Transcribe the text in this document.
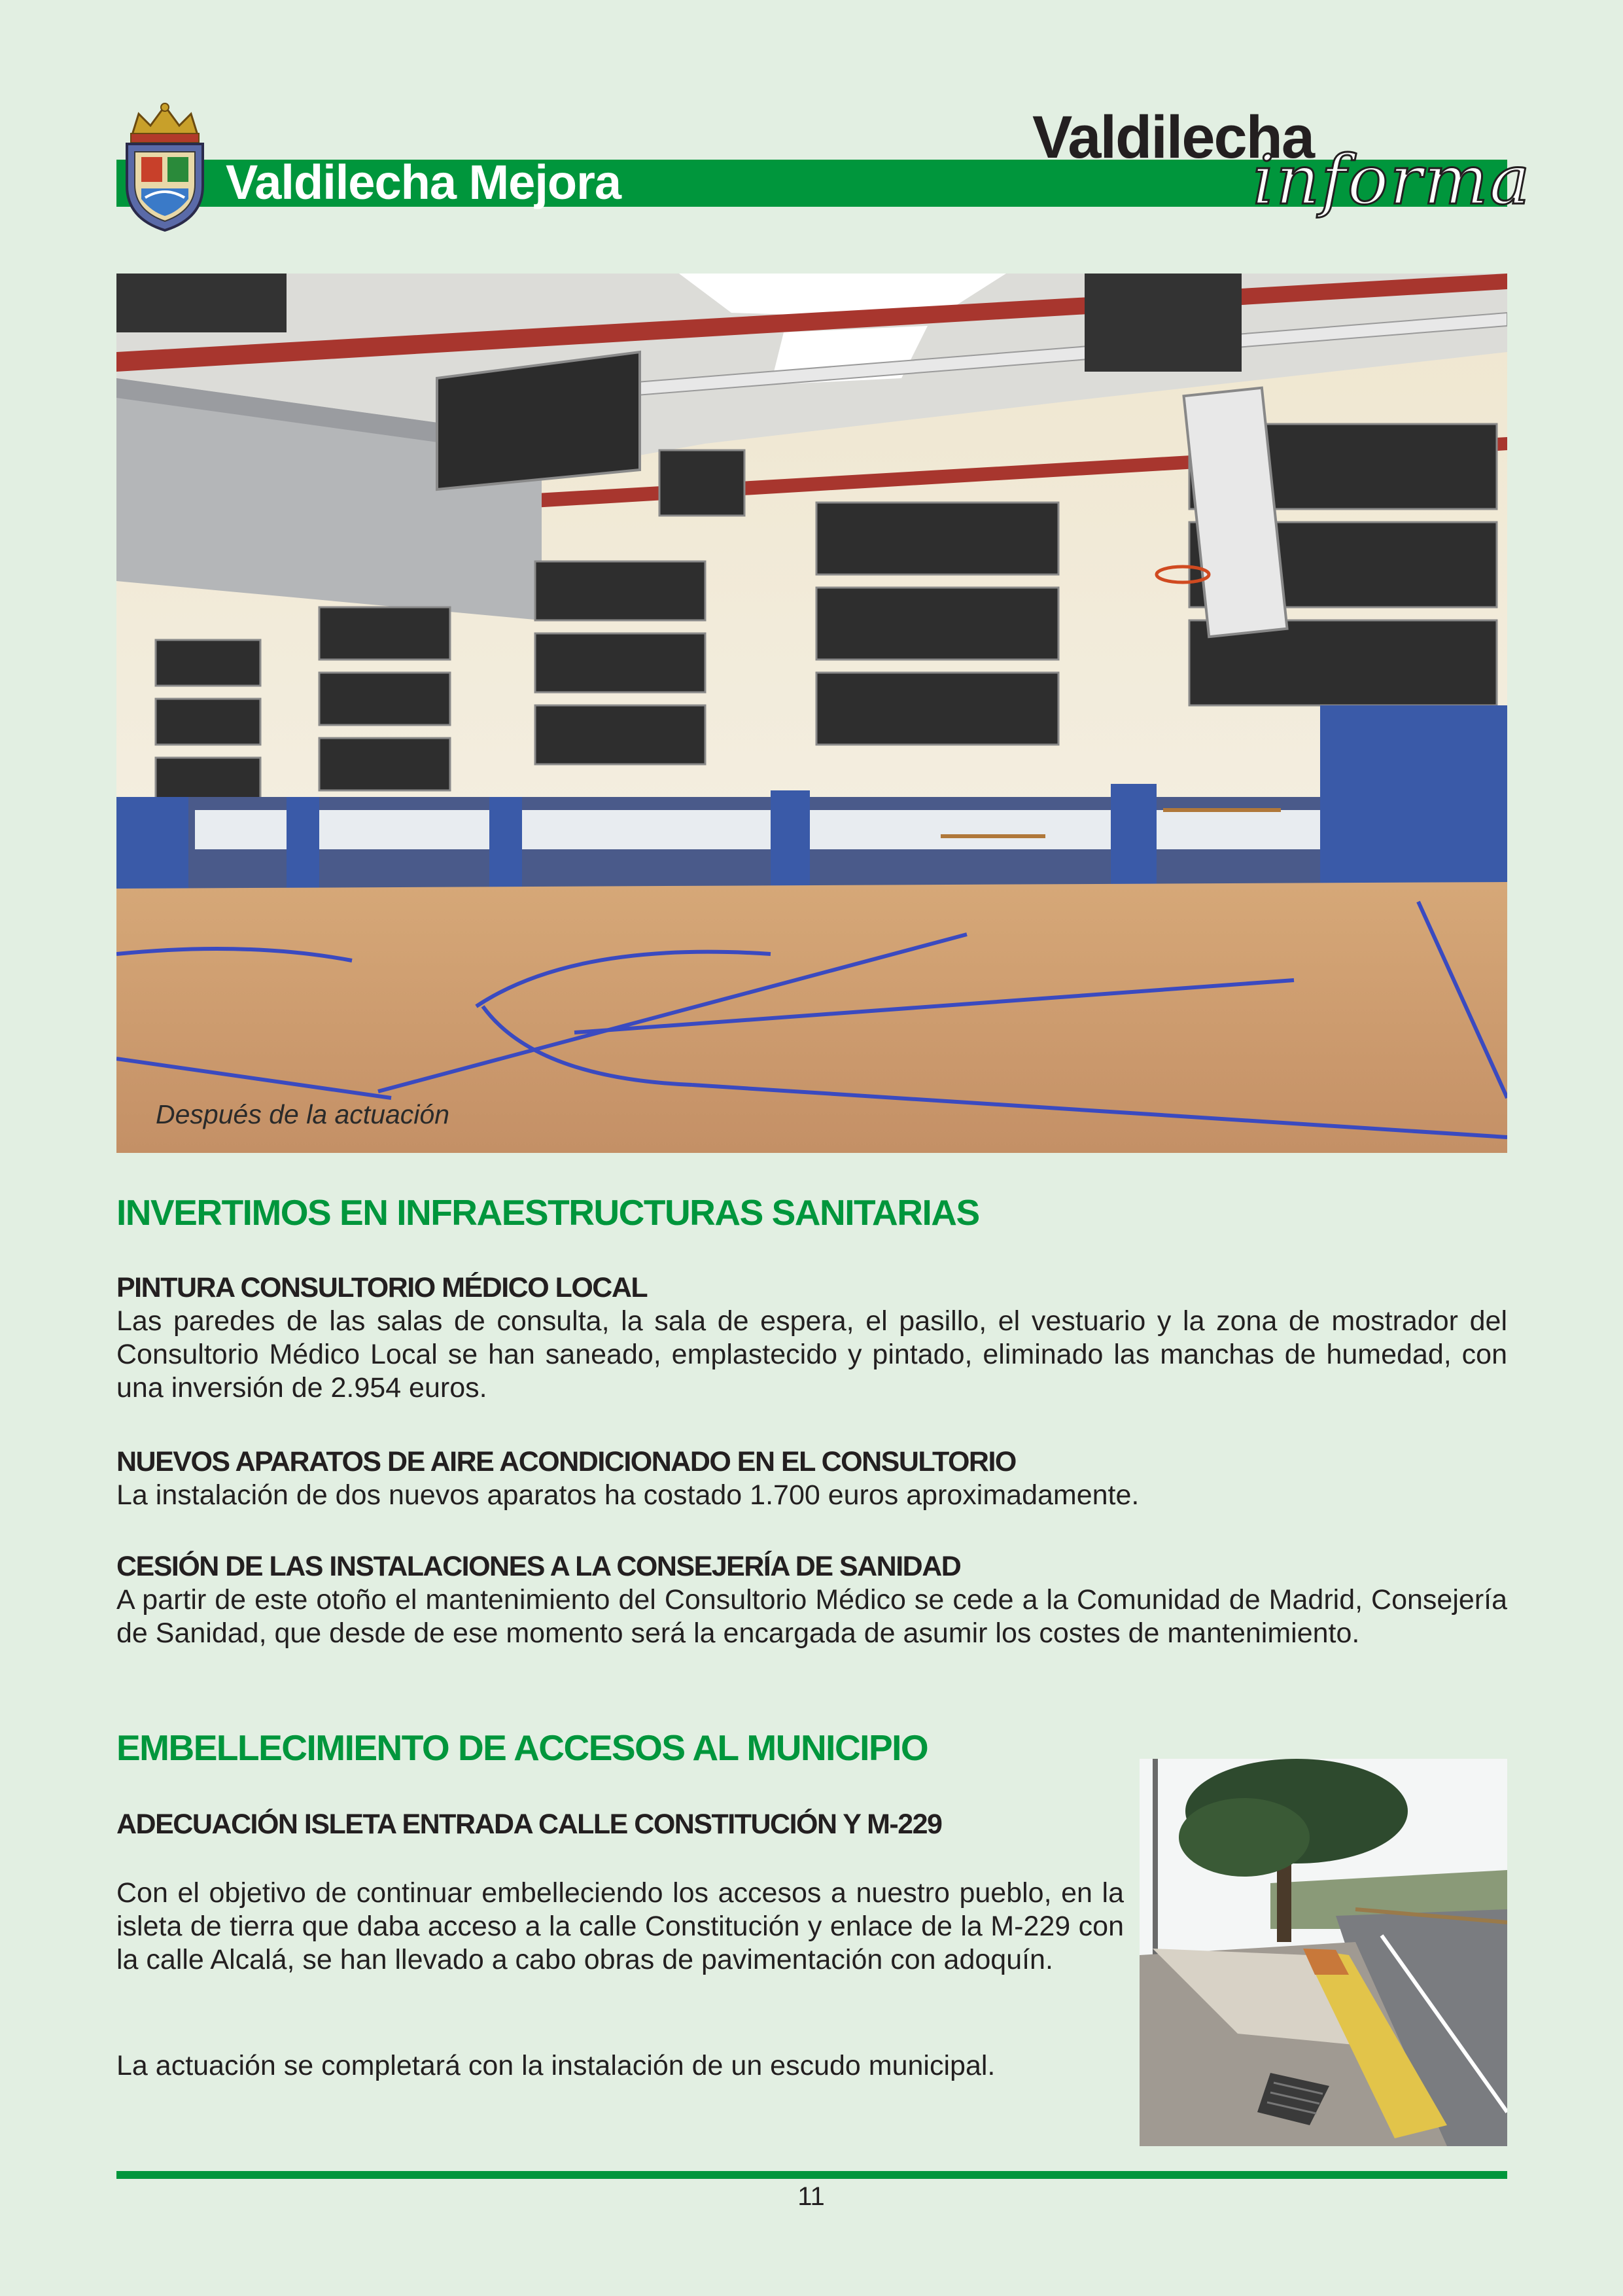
Valdilecha Mejora
Valdilecha
informa
Después de la actuación
INVERTIMOS EN INFRAESTRUCTURAS SANITARIAS
PINTURA CONSULTORIO MÉDICO LOCAL
Las paredes de las salas de consulta, la sala de espera, el pasillo, el vestuario y la zona de mostrador del Consultorio Médico Local se han saneado, emplastecido y pintado, eliminado las manchas de humedad, con una inversión de 2.954 euros.
NUEVOS APARATOS DE AIRE ACONDICIONADO EN EL CONSULTORIO
La instalación de dos nuevos aparatos ha costado 1.700 euros aproximadamente.
CESIÓN DE LAS INSTALACIONES A LA CONSEJERÍA DE SANIDAD
A partir de este otoño el mantenimiento del Consultorio Médico se cede a la Comunidad de Madrid, Consejería de Sanidad, que desde de ese momento será la encargada de asumir los costes de mantenimiento.
EMBELLECIMIENTO DE ACCESOS AL MUNICIPIO
ADECUACIÓN ISLETA ENTRADA CALLE CONSTITUCIÓN Y M-229
Con el objetivo de continuar embelleciendo los accesos a nuestro pueblo, en la isleta de tierra que daba acceso a la calle Constitución y enlace de la M-229 con la calle Alcalá, se han llevado a cabo obras de pavimentación con adoquín.
La actuación se completará con la instalación de un escudo municipal.
11
